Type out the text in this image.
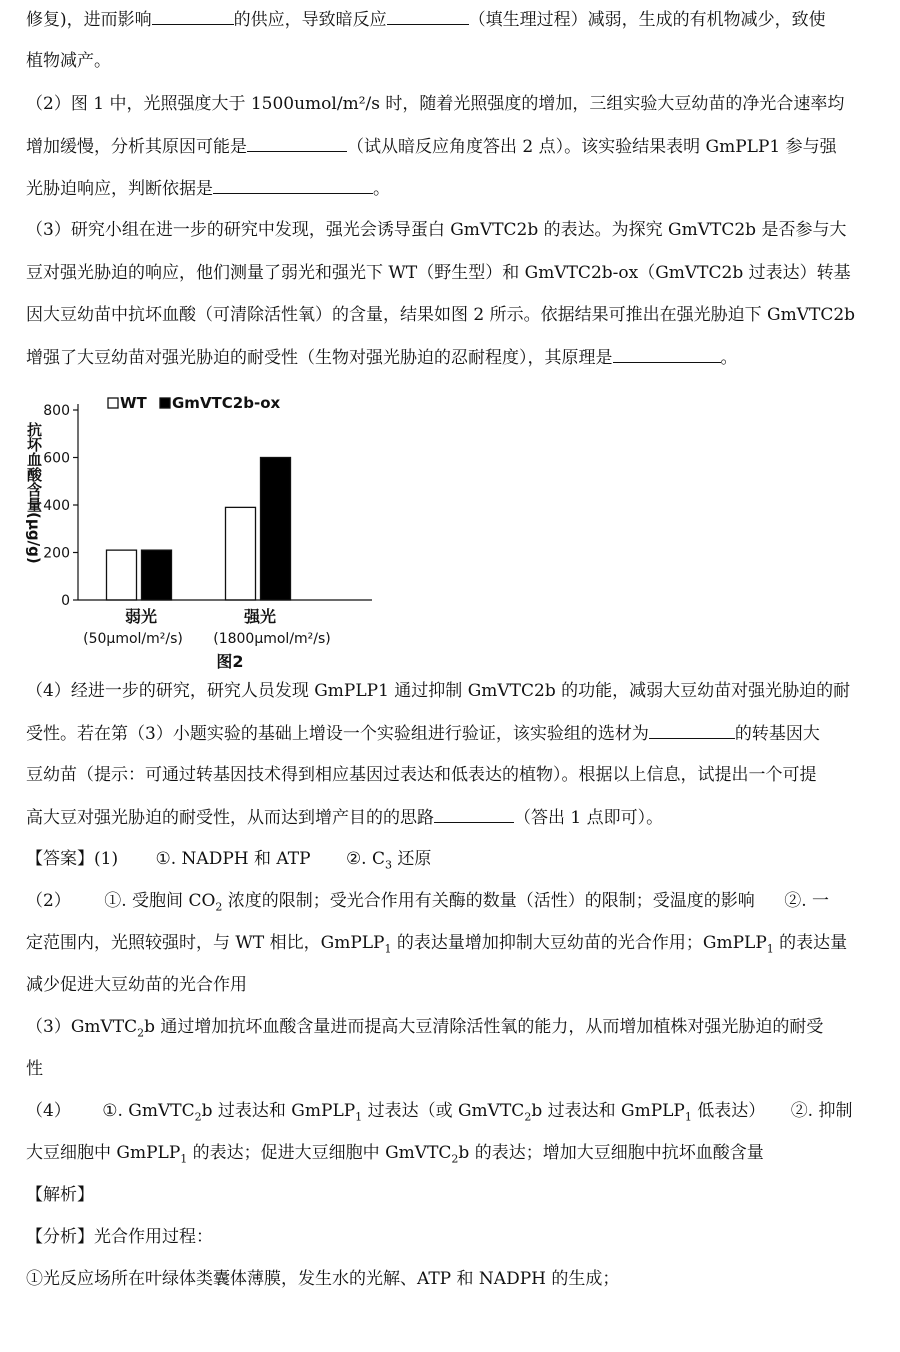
修复)，进而影响	的供应，导致暗反应	（填生理过程）减弱，生成的有机物减少，致使
植物减产。
（2）图 1 中，光照强度大于 1500umol/m²/s 时，随着光照强度的增加，三组实验大豆幼苗的净光合速率均
增加缓慢，分析其原因可能是	（试从暗反应角度答出 2 点）。该实验结果表明 GmPLP1 参与强
光胁迫响应，判断依据是	。
（3）研究小组在进一步的研究中发现，强光会诱导蛋白 GmVTC2b 的表达。为探究 GmVTC2b 是否参与大
豆对强光胁迫的响应，他们测量了弱光和强光下 WT（野生型）和 GmVTC2b-ox（GmVTC2b 过表达）转基
因大豆幼苗中抗坏血酸（可清除活性氧）的含量，结果如图 2 所示。依据结果可推出在强光胁迫下 GmVTC2b
增强了大豆幼苗对强光胁迫的耐受性（生物对强光胁迫的忍耐程度），其原理是	。
0
200
400
600
800	WT GmVTC2b-ox
弱光
(50μmol/m²/s)
强光
(1800μmol/m²/s)
图2
抗坏血酸含量(μg/g)
（4）经进一步的研究，研究人员发现 GmPLP1 通过抑制 GmVTC2b 的功能，减弱大豆幼苗对强光胁迫的耐
受性。若在第（3）小题实验的基础上增设一个实验组进行验证，该实验组的选材为	的转基因大
豆幼苗（提示：可通过转基因技术得到相应基因过表达和低表达的植物）。根据以上信息，试提出一个可提
高大豆对强光胁迫的耐受性，从而达到增产目的的思路	（答出 1 点即可）。
【答案】(1) ①. NADPH 和 ATP ②. $C_3$ 还原
（2） ①. 受胞间 $CO_2$ 浓度的限制；受光合作用有关酶的数量（活性）的限制；受温度的影响 ②. 一
定范围内，光照较强时，与 WT 相比，GmPLP$_1$ 的表达量增加抑制大豆幼苗的光合作用；GmPLP$_1$ 的表达量
减少促进大豆幼苗的光合作用
（3）GmVTC$_2$b 通过增加抗坏血酸含量进而提高大豆清除活性氧的能力，从而增加植株对强光胁迫的耐受
性
（4） ①. GmVTC$_2$b 过表达和 GmPLP$_1$ 过表达（或 GmVTC$_2$b 过表达和 GmPLP$_1$ 低表达） ②. 抑制
大豆细胞中 GmPLP$_1$ 的表达；促进大豆细胞中 GmVTC$_2$b 的表达；增加大豆细胞中抗坏血酸含量
【解析】
【分析】光合作用过程：
①光反应场所在叶绿体类囊体薄膜，发生水的光解、ATP 和 NADPH 的生成；
